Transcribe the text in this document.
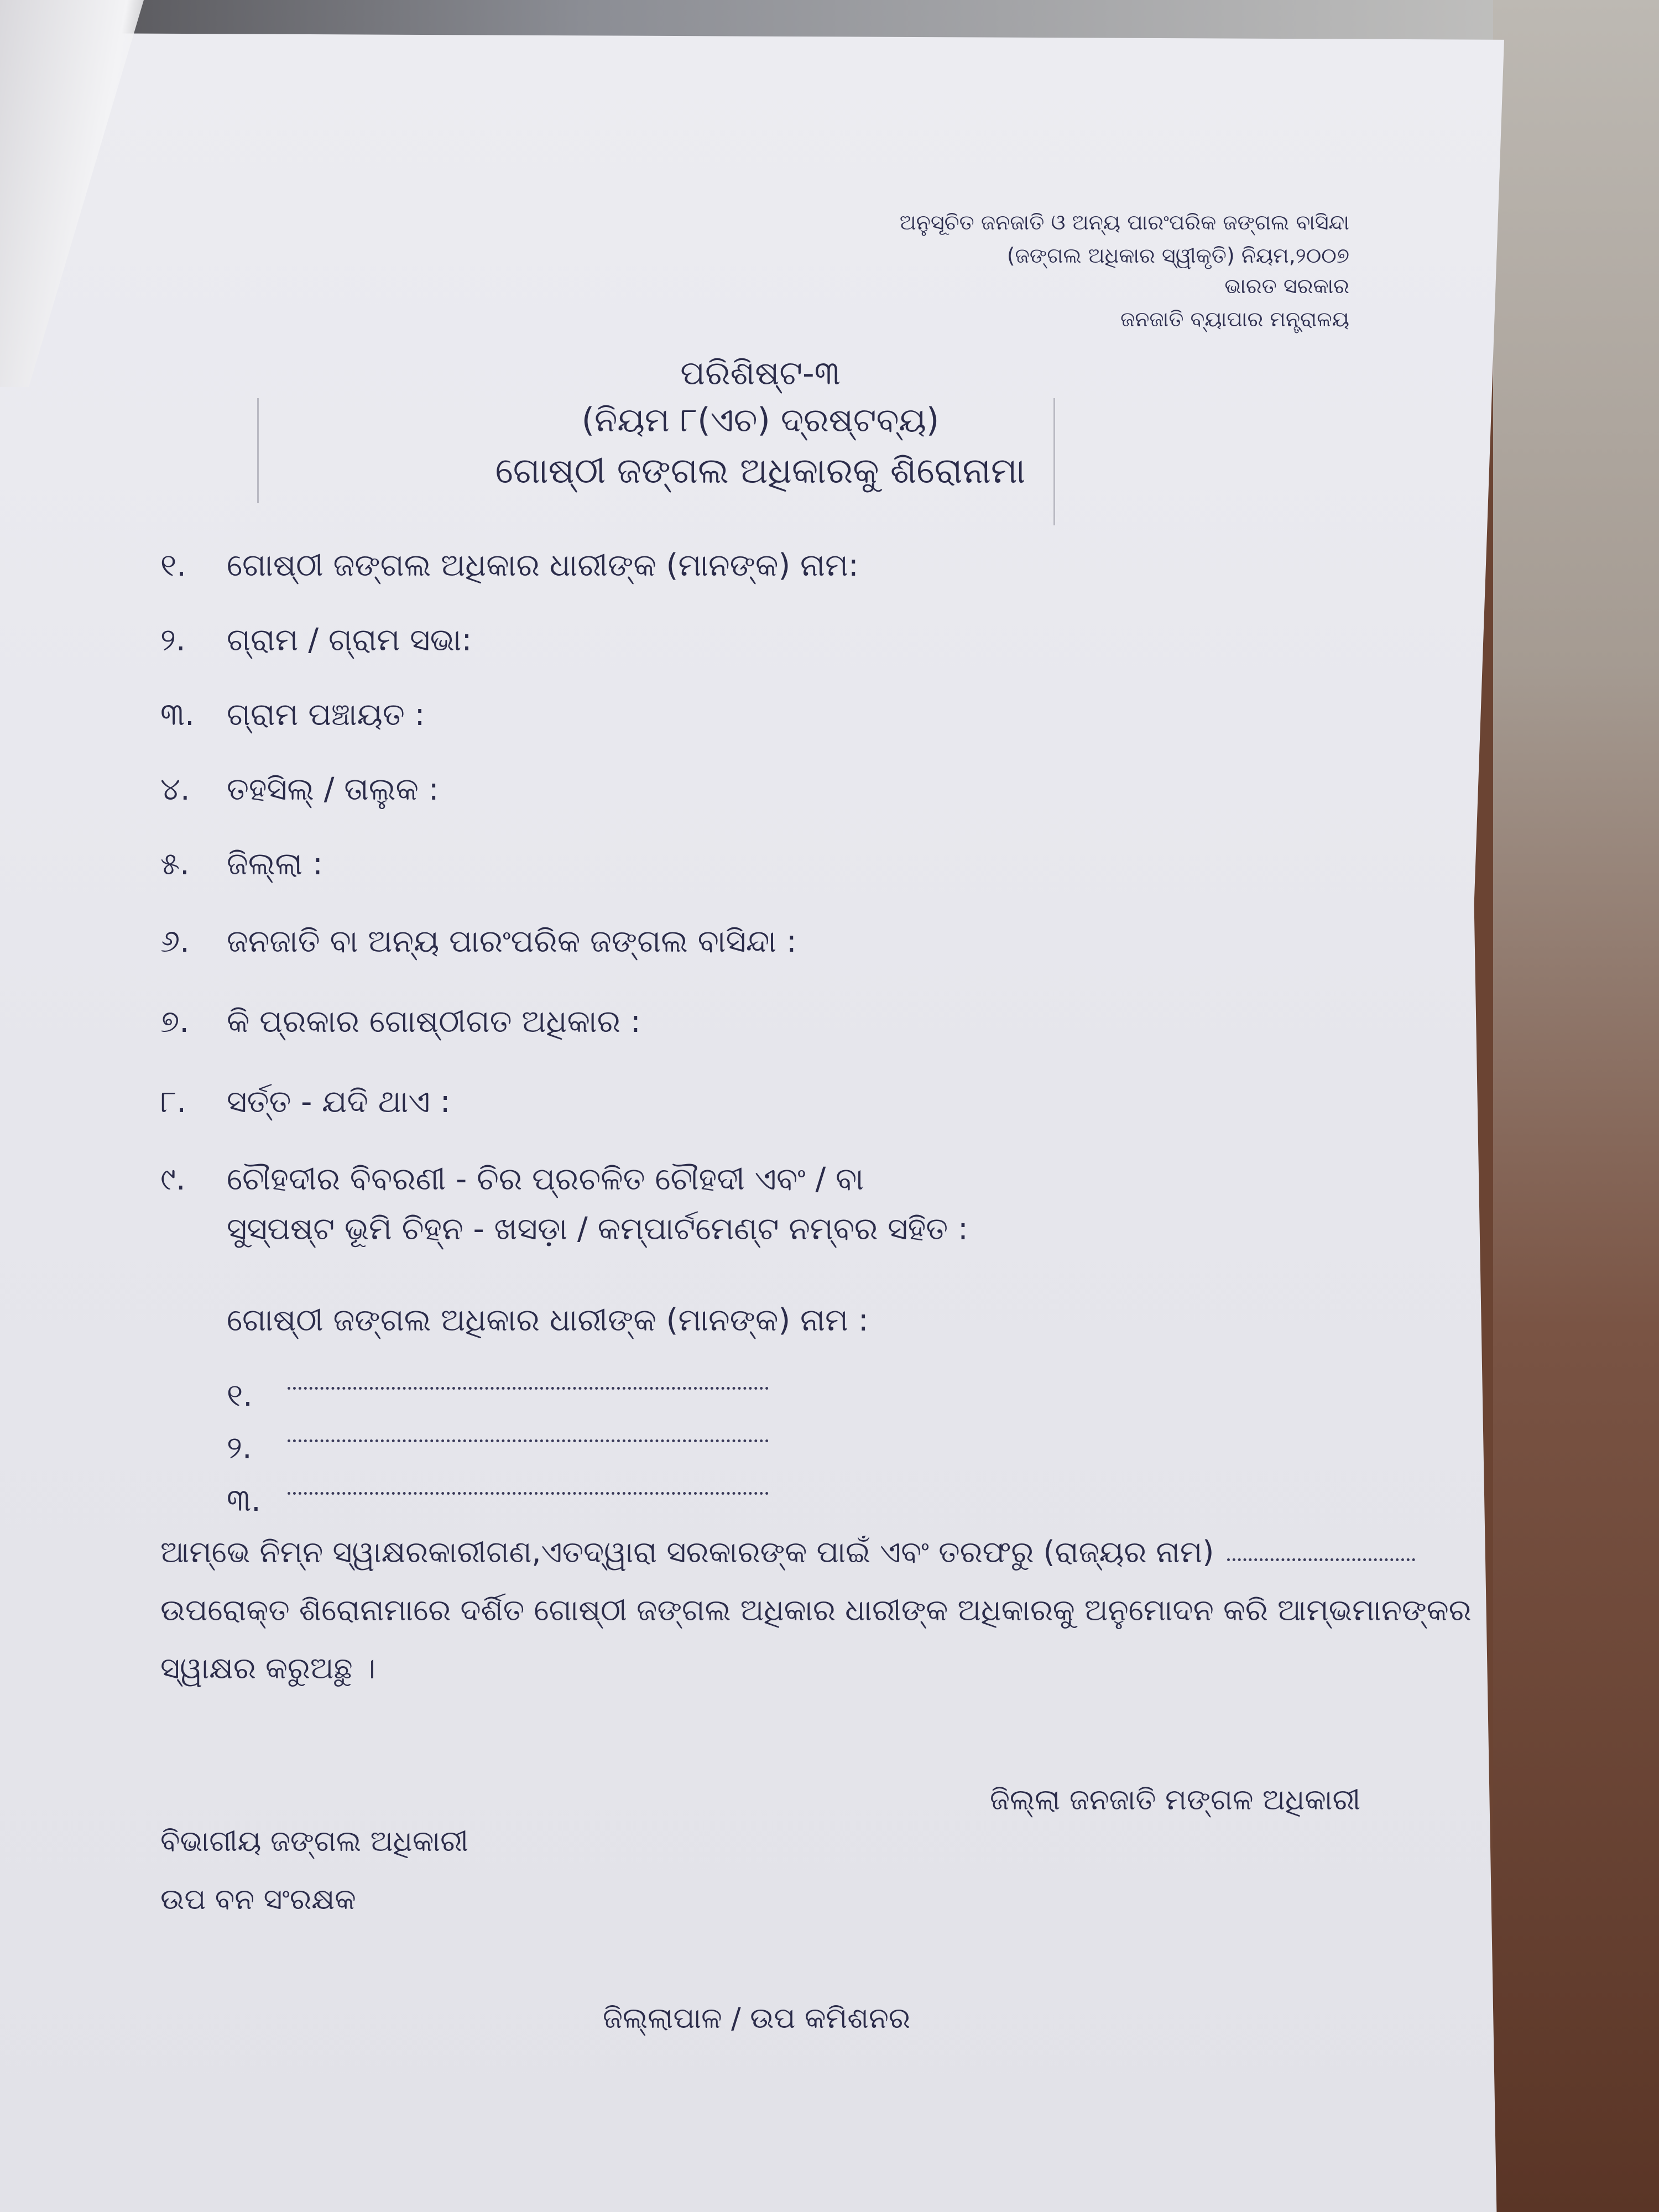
ଅନୁସୂଚିତ ଜନଜାତି ଓ ଅନ୍ୟ ପାରଂପରିକ ଜଙ୍ଗଲ ବାସିନ୍ଦା
(ଜଙ୍ଗଲ ଅଧିକାର ସ୍ୱୀକୃତି) ନିୟମ,୨୦୦୭
ଭାରତ ସରକାର
ଜନଜାତି ବ୍ୟାପାର ମନ୍ତ୍ରାଳୟ
ପରିଶିଷ୍ଟ-୩
(ନିୟମ ୮(ଏଚ) ଦ୍ରଷ୍ଟବ୍ୟ)
ଗୋଷ୍ଠୀ ଜଙ୍ଗଲ ଅଧିକାରକୁ ଶିରୋନାମା
୧. ଗୋଷ୍ଠୀ ଜଙ୍ଗଲ ଅଧିକାର ଧାରୀଙ୍କ (ମାନଙ୍କ) ନାମ:
୨. ଗ୍ରାମ / ଗ୍ରାମ ସଭା:
୩. ଗ୍ରାମ ପଞ୍ଚାୟତ :
୪. ତହସିଲ୍ / ତାଲୁକ :
୫. ଜିଲ୍ଲା :
୬. ଜନଜାତି ବା ଅନ୍ୟ ପାରଂପରିକ ଜଙ୍ଗଲ ବାସିନ୍ଦା :
୭. କି ପ୍ରକାର ଗୋଷ୍ଠୀଗତ ଅଧିକାର :
୮. ସର୍ତ୍ତ - ଯଦି ଥାଏ :
୯. ଚୌହଦୀର ବିବରଣୀ - ଚିର ପ୍ରଚଳିତ ଚୌହଦୀ ଏବଂ / ବା
ସୁସ୍ପଷ୍ଟ ଭୂମି ଚିହ୍ନ - ଖସଡ଼ା / କମ୍ପାର୍ଟମେଣ୍ଟ ନମ୍ବର ସହିତ :
ଗୋଷ୍ଠୀ ଜଙ୍ଗଲ ଅଧିକାର ଧାରୀଙ୍କ (ମାନଙ୍କ) ନାମ :
୧.
୨.
୩.
ଆମ୍ଭେ ନିମ୍ନ ସ୍ୱାକ୍ଷରକାରୀଗଣ,ଏତଦ୍ୱାରା ସରକାରଙ୍କ ପାଇଁ ଏବଂ ତରଫରୁ (ରାଜ୍ୟର ନାମ)
ଉପରୋକ୍ତ ଶିରୋନାମାରେ ଦର୍ଶିତ ଗୋଷ୍ଠୀ ଜଙ୍ଗଲ ଅଧିକାର ଧାରୀଙ୍କ ଅଧିକାରକୁ ଅନୁମୋଦନ କରି ଆମ୍ଭମାନଙ୍କର
ସ୍ୱାକ୍ଷର କରୁଅଛୁ ।
ଜିଲ୍ଲା ଜନଜାତି ମଙ୍ଗଳ ଅଧିକାରୀ
ବିଭାଗୀୟ ଜଙ୍ଗଲ ଅଧିକାରୀ
ଉପ ବନ ସଂରକ୍ଷକ
ଜିଲ୍ଲାପାଳ / ଉପ କମିଶନର
